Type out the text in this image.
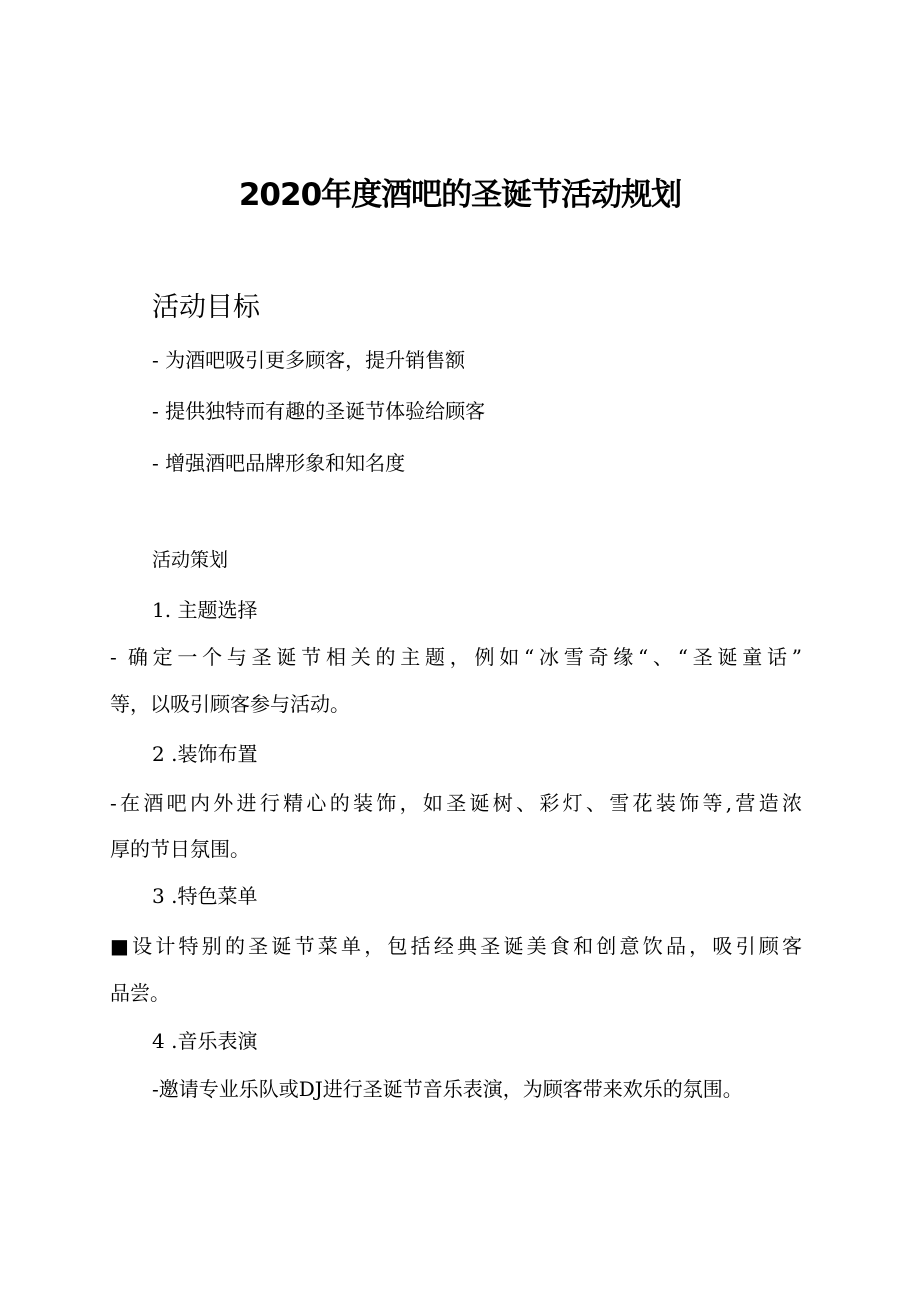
2020年度酒吧的圣诞节活动规划
活动目标
- 为酒吧吸引更多顾客，提升销售额
- 提供独特而有趣的圣诞节体验给顾客
- 增强酒吧品牌形象和知名度
活动策划
1. 主题选择
- 确定一个与圣诞节相关的主题，例如“冰雪奇缘“、“圣诞童话”
等，以吸引顾客参与活动。
2 .装饰布置
-在酒吧内外进行精心的装饰，如圣诞树、彩灯、雪花装饰等,营造浓
厚的节日氛围。
3 .特色菜单
■设计特别的圣诞节菜单，包括经典圣诞美食和创意饮品，吸引顾客
品尝。
4 .音乐表演
-邀请专业乐队或DJ进行圣诞节音乐表演，为顾客带来欢乐的氛围。
